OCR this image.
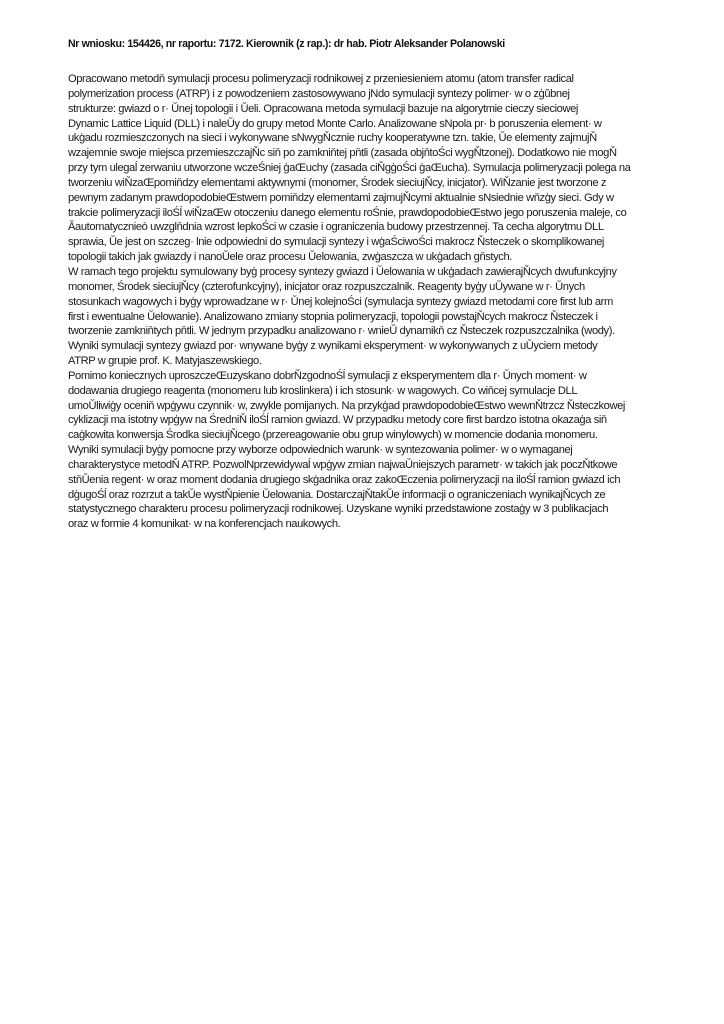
Nr wniosku: 154426, nr raportu: 7172. Kierownik (z rap.): dr hab. Piotr Aleksander Polanowski
Opracowano metodň symulacji procesu polimeryzacji rodnikowej z przeniesieniem atomu (atom transfer radical
polymerization process (ATRP) i z powodzeniem zastosowywano jNdo symulacji syntezy polimer· w o zģŭbnej
strukturze: gwiazd o r· Ŭnej topologii i Ŭeli. Opracowana metoda symulacji bazuje na algorytmie cieczy sieciowej
Dynamic Lattice Liquid (DLL) i naleŬy do grupy metod Monte Carlo. Analizowane sNpola pr· b poruszenia element· w
ukģadu rozmieszczonych na sieci i wykonywane sNwygŇcznie ruchy kooperatywne tzn. takie, Ŭe elementy zajmujŇ
wzajemnie swoje miejsca przemieszczajŇc siň po zamkniňtej pňtli (zasada objňtoŚci wygŇtzonej). Dodatkowo nie mogŇ
przy tym ulegaĺ zerwaniu utworzone wczeŚniej ģaŒuchy (zasada ciŇgģoŚci ģaŒucha). Symulacja polimeryzacji polega na
tworzeniu wiŇzaŒpomiňdzy elementami aktywnymi (monomer, Środek sieciujŇcy, inicjator). WiŇzanie jest tworzone z
pewnym zadanym prawdopodobieŒstwem pomiňdzy elementami zajmujŇcymi aktualnie sNsiednie wňzģy sieci. Gdy w
trakcie polimeryzacji iloŚĺ wiŇzaŒw otoczeniu danego elementu roŚnie, prawdopodobieŒstwo jego poruszenia maleje, co
Ăautomatycznieò uwzglňdnia wzrost lepkoŚci w czasie i ograniczenia budowy przestrzennej. Ta cecha algorytmu DLL
sprawia, Ŭe jest on szczeg· lnie odpowiedni do symulacji syntezy i wģaŚciwoŚci makrocz Ňsteczek o skomplikowanej
topologii takich jak gwiazdy i nanoŬele oraz procesu Ŭelowania, zwģaszcza w ukģadach gňstych.
W ramach tego projektu symulowany byģ procesy syntezy gwiazd i Ŭelowania w ukģadach zawierajŇcych dwufunkcyjny
monomer, Środek sieciujŇcy (czterofunkcyjny), inicjator oraz rozpuszczalnik. Reagenty byģy uŬywane w r· Ŭnych
stosunkach wagowych i byģy wprowadzane w r· Ŭnej kolejnoŚci (symulacja syntezy gwiazd metodami core first lub arm
first i ewentualne Ŭelowanie). Analizowano zmiany stopnia polimeryzacji, topologii powstajŇcych makrocz Ňsteczek i
tworzenie zamkniňtych pňtli. W jednym przypadku analizowano r· wnieŬ dynamikň cz Ňsteczek rozpuszczalnika (wody).
Wyniki symulacji syntezy gwiazd por· wnywane byģy z wynikami eksperyment· w wykonywanych z uŬyciem metody
ATRP w grupie prof. K. Matyjaszewskiego.
Pomimo koniecznych uproszczeŒuzyskano dobrŇzgodnoŚĺ symulacji z eksperymentem dla r· Ŭnych moment· w
dodawania drugiego reagenta (monomeru lub kroslinkera) i ich stosunk· w wagowych. Co wiňcej symulacje DLL
umoŬliwiģy oceniň wpģywu czynnik· w, zwykle pomijanych. Na przykģad prawdopodobieŒstwo wewnŇtrzcz Ňsteczkowej
cyklizacji ma istotny wpģyw na ŚredniŇ iloŚĺ ramion gwiazd. W przypadku metody core first bardzo istotna okazaģa siň
caģkowita konwersja Środka sieciujŇcego (przereagowanie obu grup winylowych) w momencie dodania monomeru.
Wyniki symulacji byģy pomocne przy wyborze odpowiednich warunk· w syntezowania polimer· w o wymaganej
charakterystyce metodŇ ATRP. PozwolNprzewidywaĺ wpģyw zmian najwaŬniejszych parametr· w takich jak poczŇtkowe
stňŬenia regent· w oraz moment dodania drugiego skģadnika oraz zakoŒczenia polimeryzacji na iloŚĺ ramion gwiazd ich
dģugoŚĺ oraz rozrzut a takŬe wystŇpienie Ŭelowania. DostarczajŇtakŬe informacji o ograniczeniach wynikajŇcych ze
statystycznego charakteru procesu polimeryzacji rodnikowej. Uzyskane wyniki przedstawione zostaģy w 3 publikacjach
oraz w formie 4 komunikat· w na konferencjach naukowych.
